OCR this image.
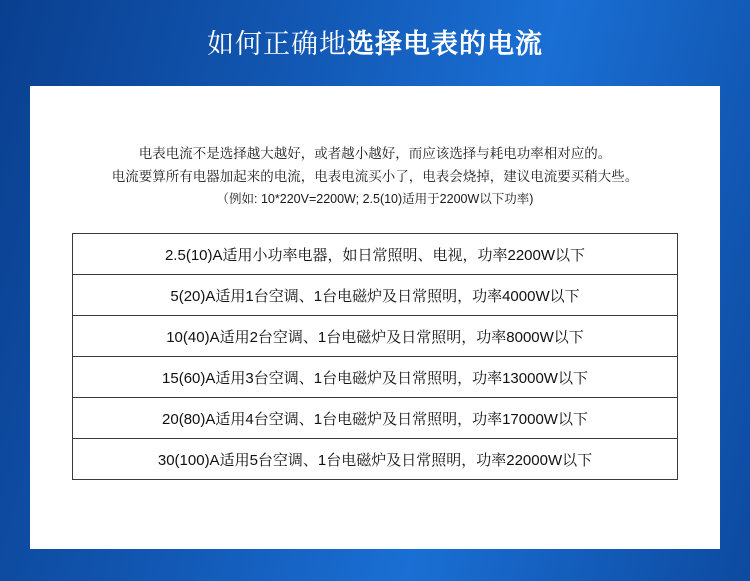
如何正确地选择电表的电流

电表电流不是选择越大越好，或者越小越好，而应该选择与耗电功率相对应的。

电流要算所有电器加起来的电流，电表电流买小了，电表会烧掉，建议电流要买稍大些。

（例如: 10*220V=2200W; 2.5(10)适用于2200W以下功率)

2.5(10)A适用小功率电器，如日常照明、电视，功率2200W以下
5(20)A适用1台空调、1台电磁炉及日常照明，功率4000W以下
10(40)A适用2台空调、1台电磁炉及日常照明，功率8000W以下
15(60)A适用3台空调、1台电磁炉及日常照明，功率13000W以下
20(80)A适用4台空调、1台电磁炉及日常照明，功率17000W以下
30(100)A适用5台空调、1台电磁炉及日常照明，功率22000W以下
